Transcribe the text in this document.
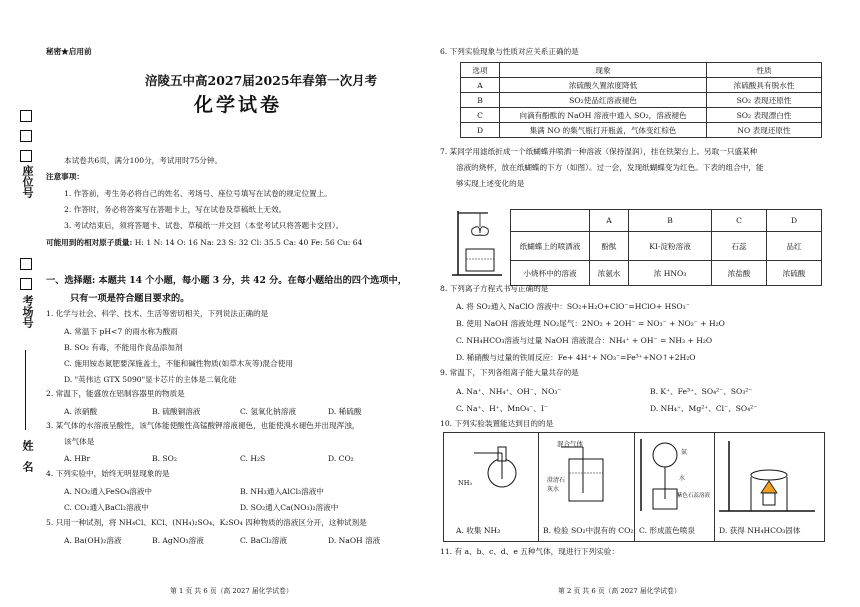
秘密★启用前
涪陵五中高2027届2025年春第一次月考
化学试卷
座位号
考场号
姓名
本试卷共6页，满分100分，考试用时75分钟。
注意事项：
1. 作答前，考生务必将自己的姓名、考场号、座位号填写在试卷的规定位置上。
2. 作答时，务必将答案写在答题卡上，写在试卷及草稿纸上无效。
3. 考试结束后，须将答题卡、试卷、草稿纸一并交回（本堂考试只将答题卡交回）。
可能用到的相对原子质量: H: 1 N: 14 O: 16 Na: 23 S: 32 Cl: 35.5 Ca: 40 Fe: 56 Cu: 64
一、选择题: 本题共 14 个小题，每小题 3 分，共 42 分。在每小题给出的四个选项中，
只有一项是符合题目要求的。
1. 化学与社会、科学、技术、生活等密切相关，下列说法正确的是
A. 常温下 pH<7 的雨水称为酸雨
B. SO₂ 有毒，不能用作食品添加剂
C. 施用铵态氮肥要深施盖土，不能和碱性物质(如草木灰等)混合使用
D. "英伟达 GTX 5090"显卡芯片的主体是二氧化硅
2. 常温下，能盛放在铝制容器里的物质是
A. 浓硝酸	B. 硫酸铜溶液	C. 氢氧化钠溶液	D. 稀硫酸
3. 某气体的水溶液呈酸性，该气体能使酸性高锰酸钾溶液褪色，也能使溴水褪色并出现浑浊，
该气体是
A. HBr	B. SO₂	C. H₂S	D. CO₂
4. 下列实验中，始终无明显现象的是
A. NO₂通入FeSO₄溶液中	B. NH₃通入AlCl₃溶液中
C. CO₂通入BaCl₂溶液中	D. SO₂通入Ca(NO₃)₂溶液中
5. 只用一种试剂，将 NH₄Cl、KCl、(NH₄)₂SO₄、K₂SO₄ 四种物质的溶液区分开，这种试剂是
A. Ba(OH)₂溶液	B. AgNO₃溶液	C. BaCl₂溶液	D. NaOH 溶液
第 1 页 共 6 页（高 2027 届化学试卷）
6. 下列实验现象与性质对应关系正确的是
选项	现象	性质
A	浓硫酸久置浓度降低	浓硫酸具有脱水性
B	SO₂使品红溶液褪色	SO₂ 表现还原性
C	向滴有酚酞的 NaOH 溶液中通入 SO₂，溶液褪色	SO₂ 表现漂白性
D	集满 NO 的集气瓶打开瓶盖，气体变红棕色	NO 表现还原性
7. 某同学用滤纸折成一个纸蝴蝶并喷洒一种溶液（保持湿润），挂在铁架台上。另取一只盛某种
溶液的烧杯，放在纸蝴蝶的下方（如图）。过一会，发现纸蝴蝶变为红色。下表的组合中，能
够实现上述变化的是
	A	B	C	D
纸蝴蝶上的喷洒液	酚酞	KI-淀粉溶液	石蕊	品红
小烧杯中的溶液	浓氨水	浓 HNO₃	浓盐酸	浓硫酸
8. 下列离子方程式书写正确的是
A. 将 SO₂通入 NaClO 溶液中：SO₂+H₂O+ClO⁻=HClO+ HSO₃⁻
B. 使用 NaOH 溶液处理 NO₂尾气：2NO₂ + 2OH⁻ = NO₃⁻ + NO₂⁻ + H₂O
C. NH₄HCO₃溶液与过量 NaOH 溶液混合：NH₄⁺ + OH⁻ = NH₃ + H₂O
D. 稀硝酸与过量的铁屑反应：Fe+ 4H⁺+ NO₃⁻=Fe³⁺+NO↑+2H₂O
9. 常温下，下列各组离子能大量共存的是
A. Na⁺、NH₄⁺、OH⁻、NO₃⁻	B. K⁺、Fe³⁺、SO₄²⁻、SO₃²⁻
C. Na⁺、H⁺、MnO₄⁻、I⁻	D. NH₄⁺、Mg²⁺、Cl⁻、SO₄²⁻
10. 下列实验装置能达到目的的是
NH₃
A. 收集 NH₃
混合气体
澄清石灰水
B. 检验 SO₂中混有的 CO₂
氨
水
紫色石蕊溶液
C. 形成蓝色喷泉	D. 获得 NH₄HCO₃固体
11. 有 a、b、c、d、e 五种气体，现进行下列实验：
第 2 页 共 6 页（高 2027 届化学试卷）
